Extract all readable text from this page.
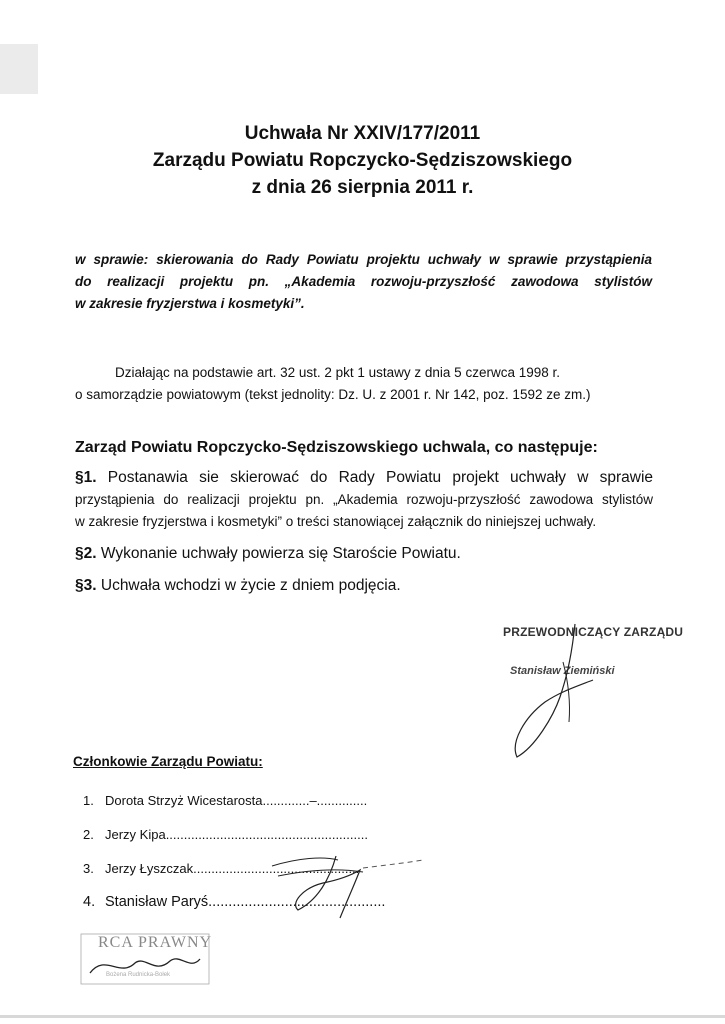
Uchwała Nr XXIV/177/2011
Zarządu Powiatu Ropczycko-Sędziszowskiego
z dnia 26 sierpnia 2011 r.
w sprawie: skierowania do Rady Powiatu projektu uchwały w sprawie przystąpienia
do realizacji projektu pn. „Akademia rozwoju-przyszłość zawodowa stylistów
w zakresie fryzjerstwa i kosmetyki”.
Działając na podstawie art. 32 ust. 2 pkt 1 ustawy z dnia 5 czerwca 1998 r.
o samorządzie powiatowym (tekst jednolity: Dz. U. z 2001 r. Nr 142, poz. 1592 ze zm.)
Zarząd Powiatu Ropczycko-Sędziszowskiego uchwala, co następuje:
§1. Postanawia sie skierować do Rady Powiatu projekt uchwały w sprawie
przystąpienia do realizacji projektu pn. „Akademia rozwoju-przyszłość zawodowa stylistów
w zakresie fryzjerstwa i kosmetyki” o treści stanowiącej załącznik do niniejszej uchwały.
§2. Wykonanie uchwały powierza się Staroście Powiatu.
§3. Uchwała wchodzi w życie z dniem podjęcia.
PRZEWODNICZĄCY ZARZĄDU
Stanisław Ziemiński
Członkowie Zarządu Powiatu:
1. Dorota Strzyż Wicestarosta.............–..............
2. Jerzy Kipa........................................................
3. Jerzy Łyszczak..............................................
4. Stanisław Paryś............................................
RCA PRAWNY
Bożena Rudnicka-Bołek
